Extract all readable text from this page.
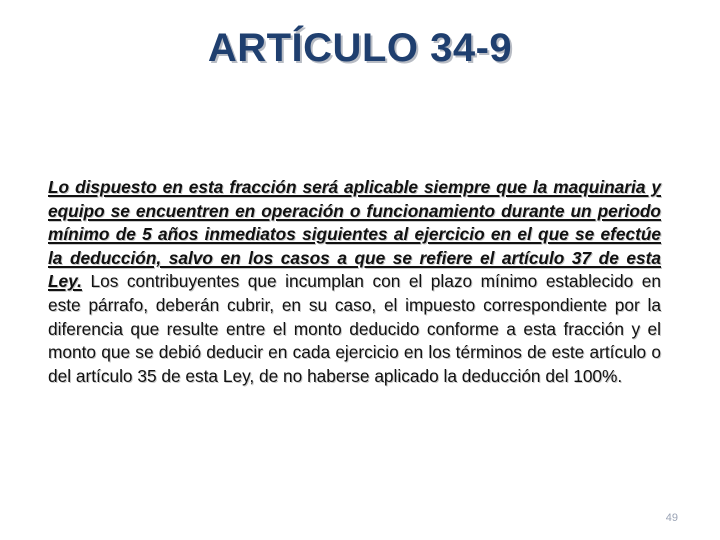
ARTÍCULO 34-9

Lo dispuesto en esta fracción será aplicable siempre que la maquinaria y equipo se encuentren en operación o funcionamiento durante un periodo mínimo de 5 años inmediatos siguientes al ejercicio en el que se efectúe la deducción, salvo en los casos a que se refiere el artículo 37 de esta Ley. Los contribuyentes que incumplan con el plazo mínimo establecido en este párrafo, deberán cubrir, en su caso, el impuesto correspondiente por la diferencia que resulte entre el monto deducido conforme a esta fracción y el monto que se debió deducir en cada ejercicio en los términos de este artículo o del artículo 35 de esta Ley, de no haberse aplicado la deducción del 100%.

49
